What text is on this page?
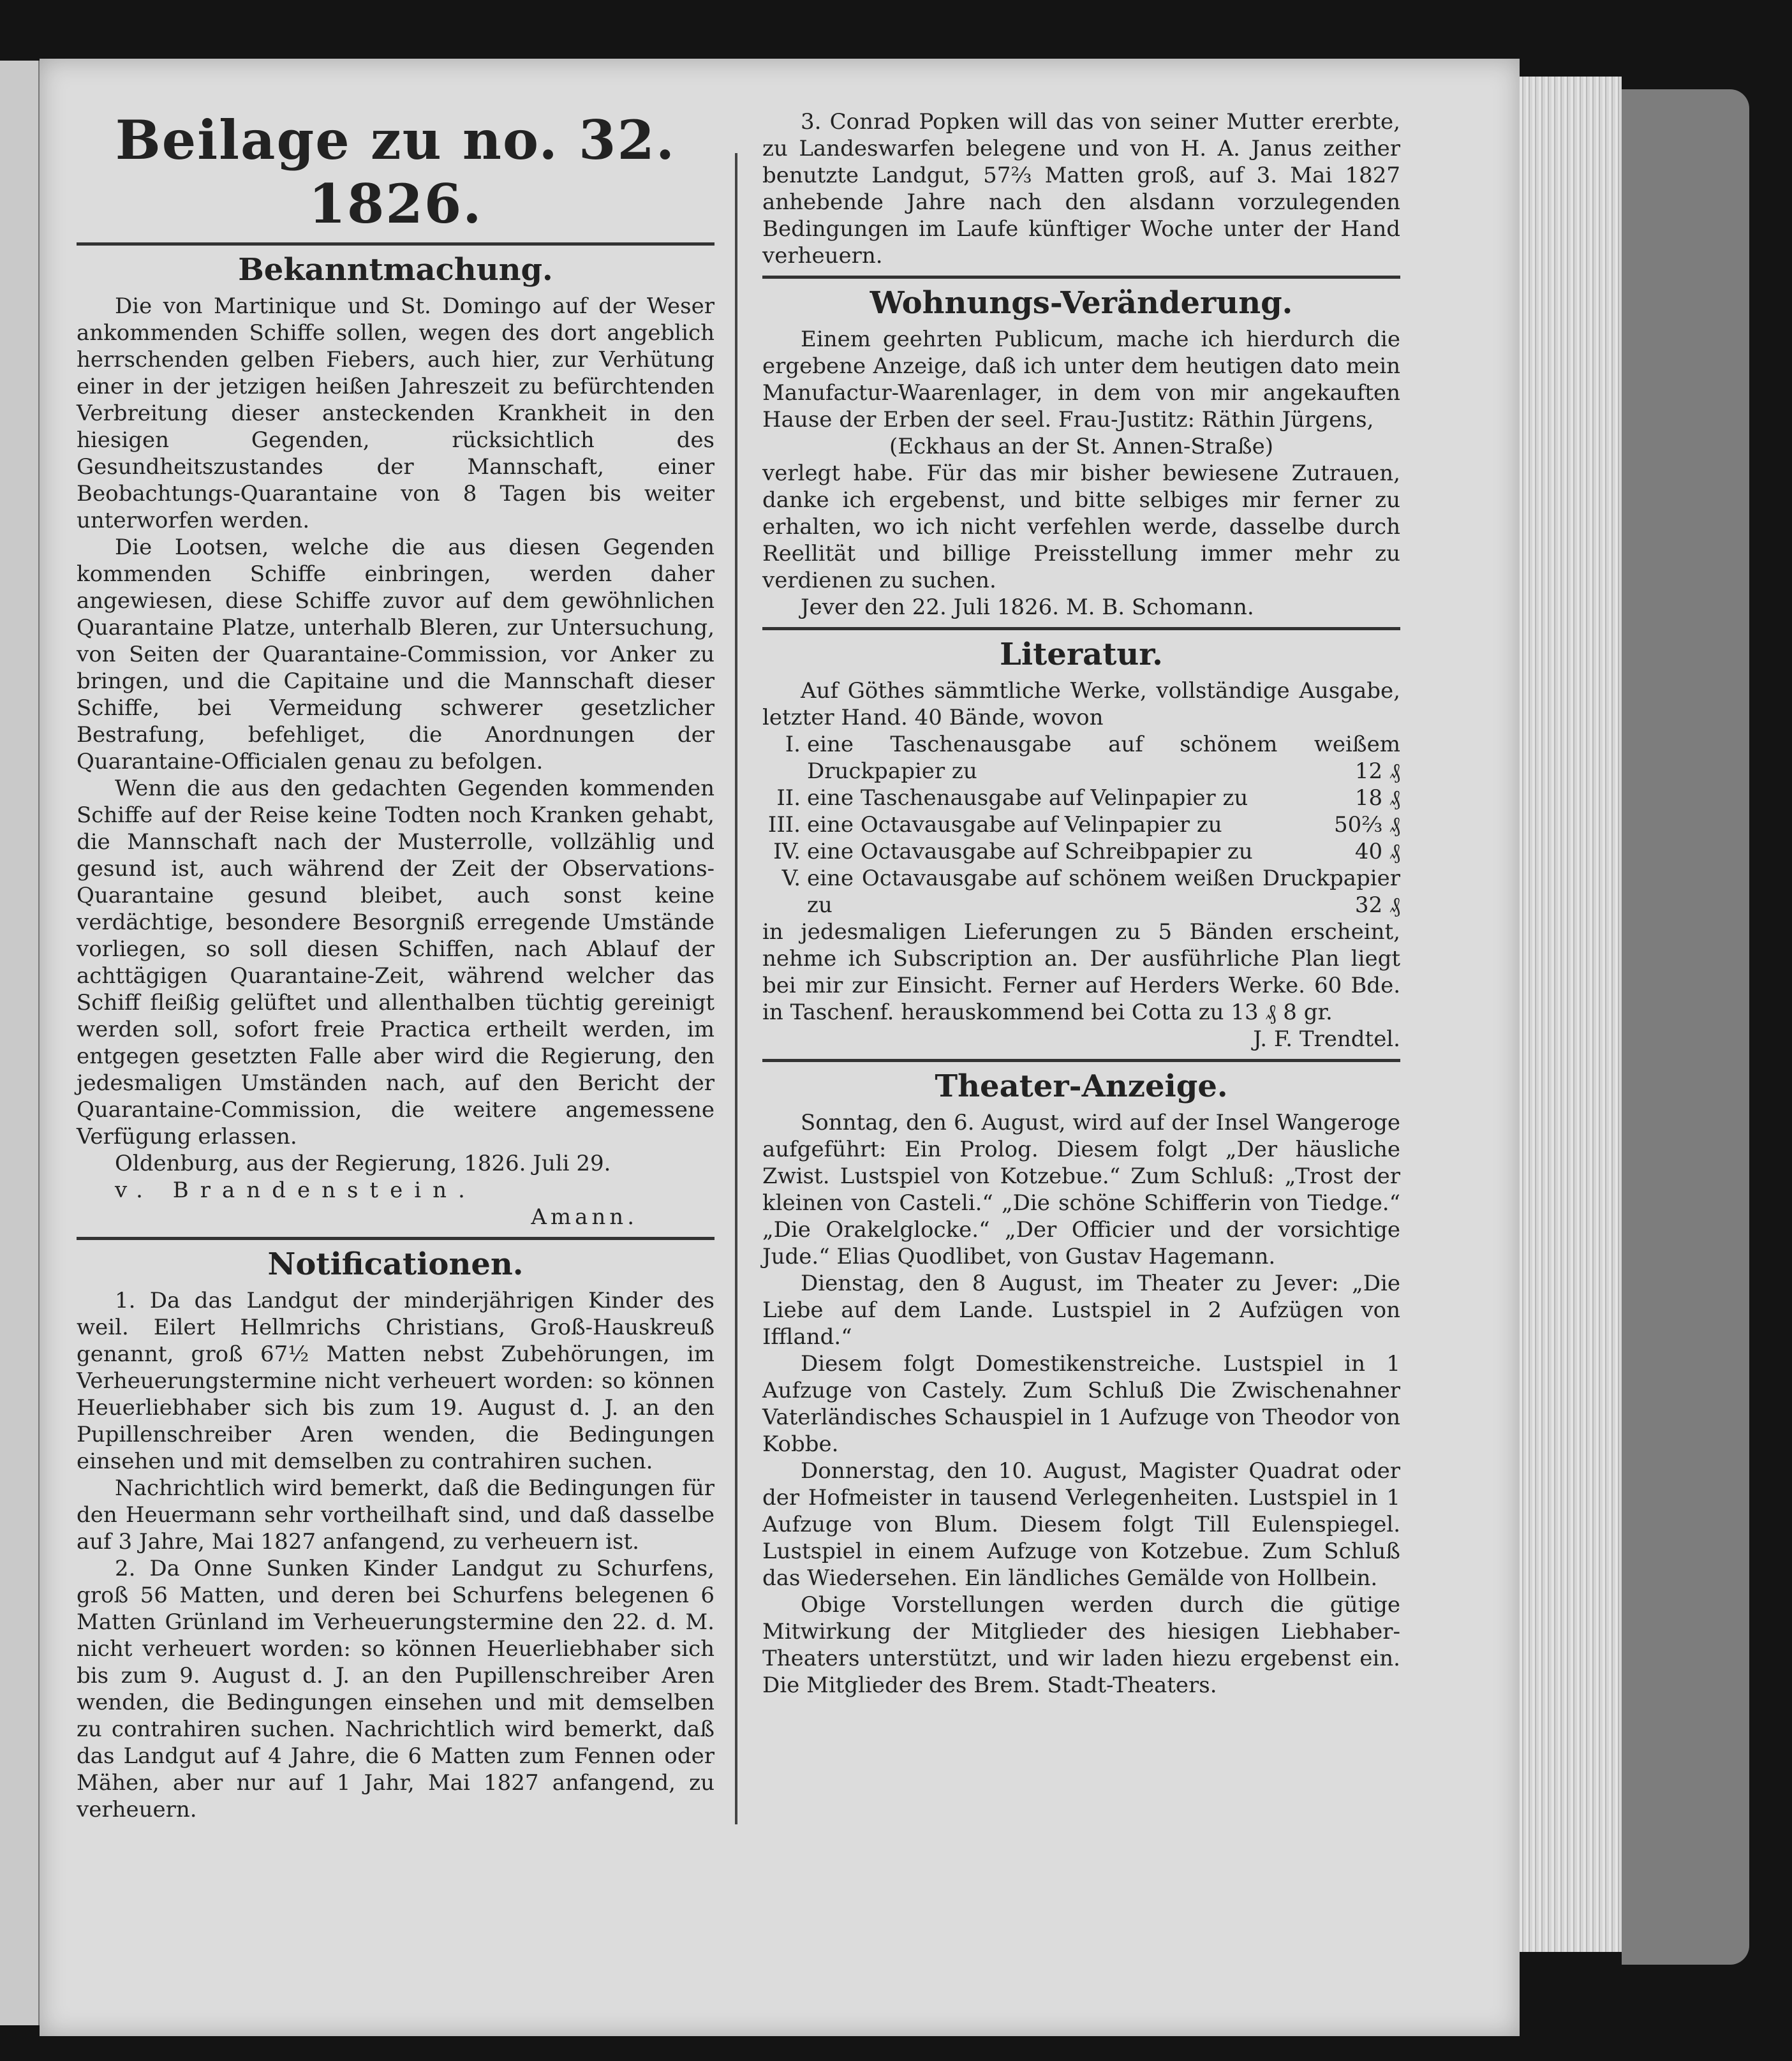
Beilage zu no. 32. 1826.
Bekanntmachung.

Die von Martinique und St. Domingo auf der Weser ankommenden Schiffe sollen, wegen des dort angeblich herrschenden gelben Fiebers, auch hier, zur Verhütung einer in der jetzigen heißen Jahreszeit zu befürchtenden Verbreitung dieser ansteckenden Krankheit in den hiesigen Gegenden, rücksichtlich des Gesundheitszustandes der Mannschaft, einer Beobachtungs-Quarantaine von 8 Tagen bis weiter unterworfen werden.

Die Lootsen, welche die aus diesen Gegenden kommenden Schiffe einbringen, werden daher angewiesen, diese Schiffe zuvor auf dem gewöhnlichen Quarantaine Platze, unterhalb Bleren, zur Untersuchung, von Seiten der Quarantaine-Commission, vor Anker zu bringen, und die Capitaine und die Mannschaft dieser Schiffe, bei Vermeidung schwerer gesetzlicher Bestrafung, befehliget, die Anordnungen der Quarantaine-Officialen genau zu befolgen.

Wenn die aus den gedachten Gegenden kommenden Schiffe auf der Reise keine Todten noch Kranken gehabt, die Mannschaft nach der Musterrolle, vollzählig und gesund ist, auch während der Zeit der Observations-Quarantaine gesund bleibet, auch sonst keine verdächtige, besondere Besorgniß erregende Umstände vorliegen, so soll diesen Schiffen, nach Ablauf der achttägigen Quarantaine-Zeit, während welcher das Schiff fleißig gelüftet und allenthalben tüchtig gereinigt werden soll, sofort freie Practica ertheilt werden, im entgegen gesetzten Falle aber wird die Regierung, den jedesmaligen Umständen nach, auf den Bericht der Quarantaine-Commission, die weitere angemessene Verfügung erlassen.

Oldenburg, aus der Regierung, 1826. Juli 29.

v. Brandenstein.

Amann.

Notificationen.

1. Da das Landgut der minderjährigen Kinder des weil. Eilert Hellmrichs Christians, Groß-Hauskreuß genannt, groß 67½ Matten nebst Zubehörungen, im Verheuerungstermine nicht verheuert worden: so können Heuerliebhaber sich bis zum 19. August d. J. an den Pupillenschreiber Aren wenden, die Bedingungen einsehen und mit demselben zu contrahiren suchen.

Nachrichtlich wird bemerkt, daß die Bedingungen für den Heuermann sehr vortheilhaft sind, und daß dasselbe auf 3 Jahre, Mai 1827 anfangend, zu verheuern ist.

2. Da Onne Sunken Kinder Landgut zu Schurfens, groß 56 Matten, und deren bei Schurfens belegenen 6 Matten Grünland im Verheuerungstermine den 22. d. M. nicht verheuert worden: so können Heuerliebhaber sich bis zum 9. August d. J. an den Pupillenschreiber Aren wenden, die Bedingungen einsehen und mit demselben zu contrahiren suchen. Nachrichtlich wird bemerkt, daß das Landgut auf 4 Jahre, die 6 Matten zum Fennen oder Mähen, aber nur auf 1 Jahr, Mai 1827 anfangend, zu verheuern.

3. Conrad Popken will das von seiner Mutter ererbte, zu Landeswarfen belegene und von H. A. Janus zeither benutzte Landgut, 57⅔ Matten groß, auf 3. Mai 1827 anhebende Jahre nach den alsdann vorzulegenden Bedingungen im Laufe künftiger Woche unter der Hand verheuern.

Wohnungs-Veränderung.

Einem geehrten Publicum, mache ich hierdurch die ergebene Anzeige, daß ich unter dem heutigen dato mein Manufactur-Waarenlager, in dem von mir angekauften Hause der Erben der seel. Frau-Justitz: Räthin Jürgens,

(Eckhaus an der St. Annen-Straße)

verlegt habe. Für das mir bisher bewiesene Zutrauen, danke ich ergebenst, und bitte selbiges mir ferner zu erhalten, wo ich nicht verfehlen werde, dasselbe durch Reellität und billige Preisstellung immer mehr zu verdienen zu suchen.

Jever den 22. Juli 1826. M. B. Schomann.

Literatur.

Auf Göthes sämmtliche Werke, vollständige Ausgabe, letzter Hand. 40 Bände, wovon

I. eine Taschenausgabe auf schönem weißem Druckpapier zu	12 ₰
II. eine Taschenausgabe auf Velinpapier zu	18 ₰
III. eine Octavausgabe auf Velinpapier zu	50⅔ ₰
IV. eine Octavausgabe auf Schreibpapier zu	40 ₰
V. eine Octavausgabe auf schönem weißen Druckpapier zu	32 ₰

in jedesmaligen Lieferungen zu 5 Bänden erscheint, nehme ich Subscription an. Der ausführliche Plan liegt bei mir zur Einsicht. Ferner auf Herders Werke. 60 Bde. in Taschenf. herauskommend bei Cotta zu 13 ₰ 8 gr.

J. F. Trendtel.

Theater-Anzeige.

Sonntag, den 6. August, wird auf der Insel Wangeroge aufgeführt: Ein Prolog. Diesem folgt „Der häusliche Zwist. Lustspiel von Kotzebue.“ Zum Schluß: „Trost der kleinen von Casteli.“ „Die schöne Schifferin von Tiedge.“ „Die Orakelglocke.“ „Der Officier und der vorsichtige Jude.“ Elias Quodlibet, von Gustav Hagemann.

Dienstag, den 8 August, im Theater zu Jever: „Die Liebe auf dem Lande. Lustspiel in 2 Aufzügen von Iffland.“

Diesem folgt Domestikenstreiche. Lustspiel in 1 Aufzuge von Castely. Zum Schluß Die Zwischenahner Vaterländisches Schauspiel in 1 Aufzuge von Theodor von Kobbe.

Donnerstag, den 10. August, Magister Quadrat oder der Hofmeister in tausend Verlegenheiten. Lustspiel in 1 Aufzuge von Blum. Diesem folgt Till Eulenspiegel. Lustspiel in einem Aufzuge von Kotzebue. Zum Schluß das Wiedersehen. Ein ländliches Gemälde von Hollbein.

Obige Vorstellungen werden durch die gütige Mitwirkung der Mitglieder des hiesigen Liebhaber-Theaters unterstützt, und wir laden hiezu ergebenst ein. Die Mitglieder des Brem. Stadt-Theaters.
